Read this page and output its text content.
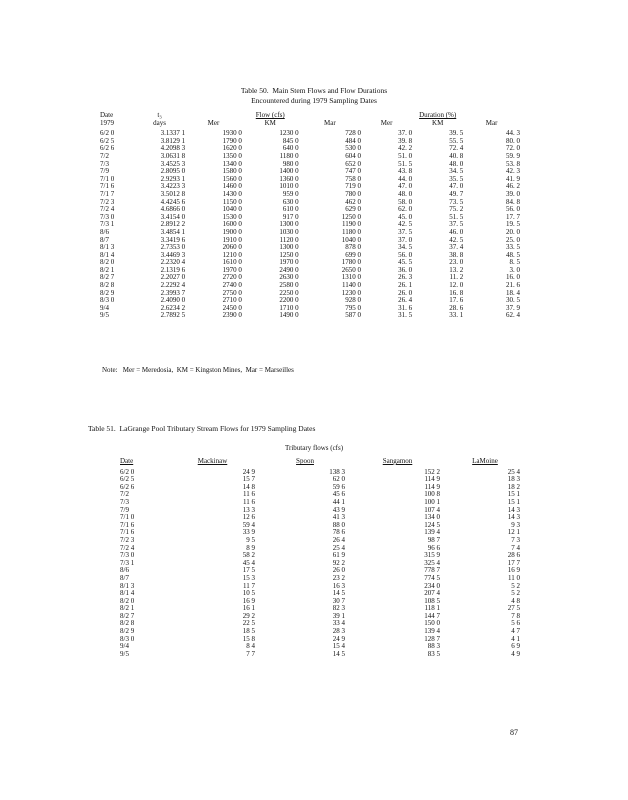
Table 50.  Main Stem Flows and Flow Durations
Encountered during 1979 Sampling Dates
Date	t₃		Flow (cfs)			Duration (%)	
1979	days	Mer	KM	Mar	Mer	KM	Mar

6/2 0	3.1337 1	1930 0	1230 0	728 0	37. 0	39. 5	44. 3
6/2 5	3.8129 1	1790 0	845 0	484 0	39. 8	55. 5	80. 0
6/2 6	4.2098 3	1620 0	640 0	530 0	42. 2	72. 4	72. 0
7/2	3.0631 8	1350 0	1180 0	604 0	51. 0	40. 8	59. 9
7/3	3.4525 3	1340 0	980 0	652 0	51. 5	48. 0	53. 8
7/9	2.8095 0	1580 0	1400 0	747 0	43. 8	34. 5	42. 3
7/1 0	2.9293 1	1560 0	1360 0	758 0	44. 0	35. 5	41. 9
7/1 6	3.4223 3	1460 0	1010 0	719 0	47. 0	47. 0	46. 2
7/1 7	3.5012 8	1430 0	959 0	780 0	48. 0	49. 7	39. 0
7/2 3	4.4245 6	1150 0	630 0	462 0	58. 0	73. 5	84. 8
7/2 4	4.6866 0	1040 0	610 0	629 0	62. 0	75. 2	56. 0
7/3 0	3.4154 0	1530 0	917 0	1250 0	45. 0	51. 5	17. 7
7/3 1	2.8912 2	1600 0	1300 0	1190 0	42. 5	37. 5	19. 5
8/6	3.4854 1	1900 0	1030 0	1180 0	37. 5	46. 0	20. 0
8/7	3.3419 6	1910 0	1120 0	1040 0	37. 0	42. 5	25. 0
8/1 3	2.7353 0	2060 0	1300 0	878 0	34. 5	37. 4	33. 5
8/1 4	3.4469 3	1210 0	1250 0	699 0	56. 0	38. 8	48. 5
8/2 0	2.2320 4	1610 0	1970 0	1780 0	45. 5	23. 0	8. 5
8/2 1	2.1319 6	1970 0	2490 0	2650 0	36. 0	13. 2	3. 0
8/2 7	2.2027 0	2720 0	2630 0	1310 0	26. 3	11. 2	16. 0
8/2 8	2.2292 4	2740 0	2580 0	1140 0	26. 1	12. 0	21. 6
8/2 9	2.3993 7	2750 0	2250 0	1230 0	26. 0	16. 8	18. 4
8/3 0	2.4090 0	2710 0	2200 0	928 0	26. 4	17. 6	30. 5
9/4	2.6234 2	2450 0	1710 0	795 0	31. 6	28. 6	37. 9
9/5	2.7892 5	2390 0	1490 0	587 0	31. 5	33. 1	62. 4
Note:   Mer = Meredosia,  KM = Kingston Mines,  Mar = Marseilles
Table 51.  LaGrange Pool Tributary Stream Flows for 1979 Sampling Dates
Tributary flows (cfs)
Date	Mackinaw	Spoon	Sangamon	LaMoine

6/2 0	24 9	138 3	152 2	25 4
6/2 5	15 7	62 0	114 9	18 3
6/2 6	14 8	59 6	114 9	18 2
7/2	11 6	45 6	100 8	15 1
7/3	11 6	44 1	100 1	15 1
7/9	13 3	43 9	107 4	14 3
7/1 0	12 6	41 3	134 0	14 3
7/1 6	59 4	88 0	124 5	9 3
7/1 6	33 9	78 6	139 4	12 1
7/2 3	9 5	26 4	98 7	7 3
7/2 4	8 9	25 4	96 6	7 4
7/3 0	58 2	61 9	315 9	28 6
7/3 1	45 4	92 2	325 4	17 7
8/6	17 5	26 0	778 7	16 9
8/7	15 3	23 2	774 5	11 0
8/1 3	11 7	16 3	234 0	5 2
8/1 4	10 5	14 5	207 4	5 2
8/2 0	16 9	30 7	108 5	4 8
8/2 1	16 1	82 3	118 1	27 5
8/2 7	29 2	39 1	144 7	7 8
8/2 8	22 5	33 4	150 0	5 6
8/2 9	18 5	28 3	139 4	4 7
8/3 0	15 8	24 9	128 7	4 1
9/4	8 4	15 4	88 3	6 9
9/5	7 7	14 5	83 5	4 9
87
